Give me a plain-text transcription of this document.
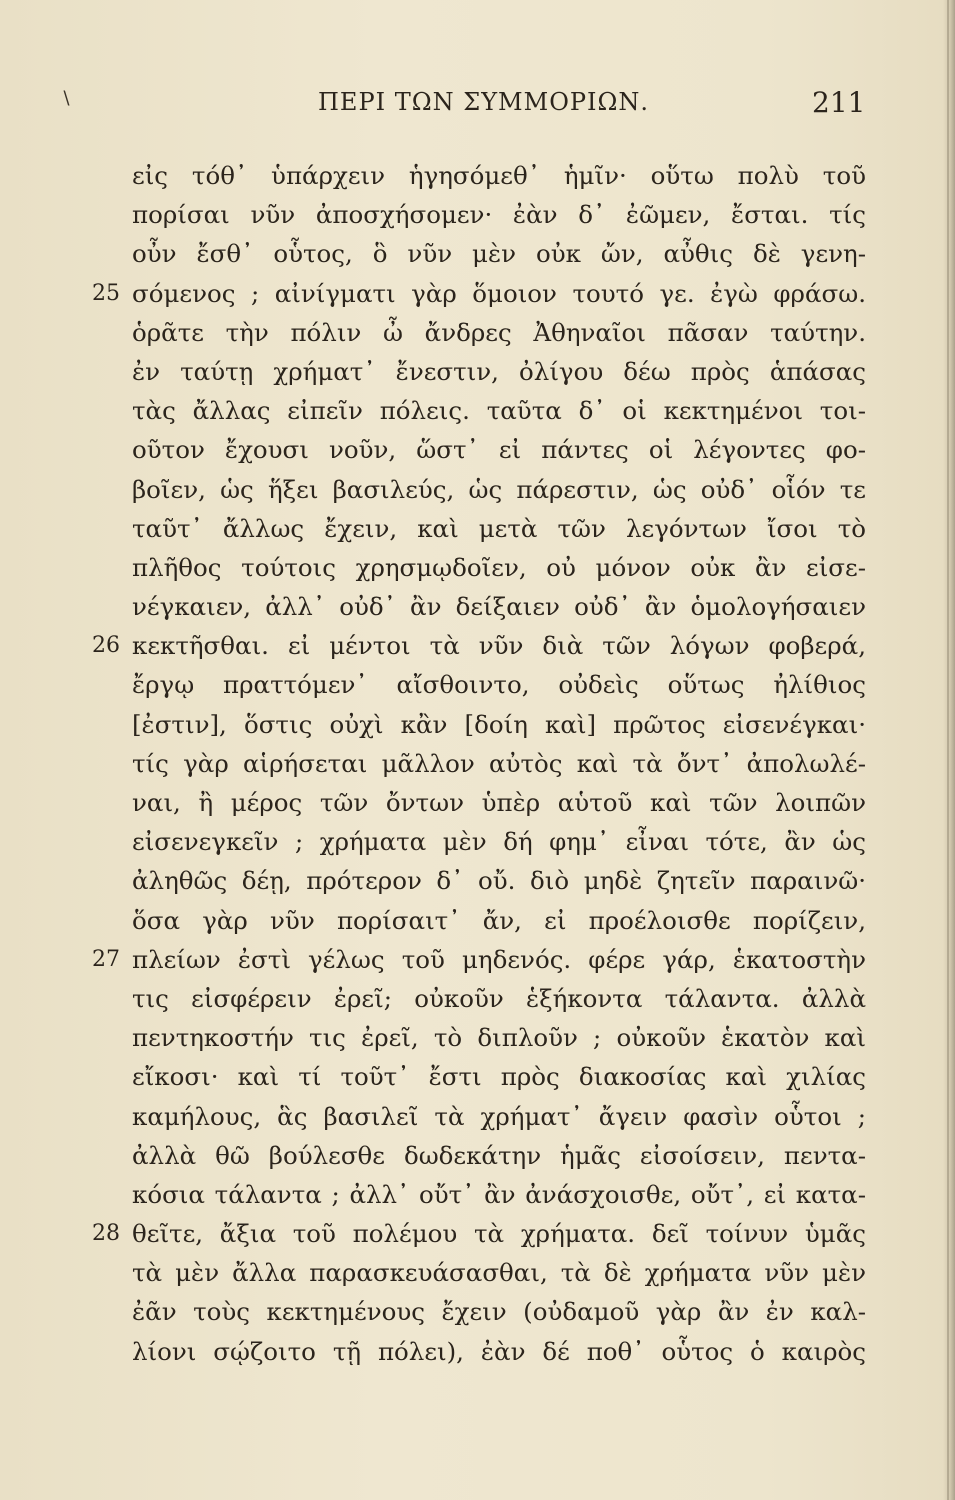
∖	ΠΕΡΙ ΤΩΝ ΣΥΜΜΟΡΙΩΝ.	211
εἰς τόθ᾽ ὑπάρχειν ἡγησόμεθ᾽ ἡμῖν· οὕτω πολὺ τοῦ
πορίσαι νῦν ἀποσχήσομεν· ἐὰν δ᾽ ἐῶμεν, ἔσται. τίς
οὖν ἔσθ᾽ οὗτος, ὃ νῦν μὲν οὐκ ὤν, αὖθις δὲ γενη-
25 σόμενος ; αἰνίγματι γὰρ ὅμοιον τουτό γε. ἐγὼ φράσω.
ὁρᾶτε τὴν πόλιν ὦ ἄνδρες Ἀθηναῖοι πᾶσαν ταύτην.
ἐν ταύτῃ χρήματ᾽ ἔνεστιν, ὀλίγου δέω πρὸς ἁπάσας
τὰς ἄλλας εἰπεῖν πόλεις. ταῦτα δ᾽ οἱ κεκτημένοι τοι-
οῦτον ἔχουσι νοῦν, ὥστ᾽ εἰ πάντες οἱ λέγοντες φο-
βοῖεν, ὡς ἥξει βασιλεύς, ὡς πάρεστιν, ὡς οὐδ᾽ οἷόν τε
ταῦτ᾽ ἄλλως ἔχειν, καὶ μετὰ τῶν λεγόντων ἴσοι τὸ
πλῆθος τούτοις χρησμῳδοῖεν, οὐ μόνον οὐκ ἂν εἰσε-
νέγκαιεν, ἀλλ᾽ οὐδ᾽ ἂν δείξαιεν οὐδ᾽ ἂν ὁμολογήσαιεν
26 κεκτῆσθαι. εἰ μέντοι τὰ νῦν διὰ τῶν λόγων φοβερά,
ἔργῳ πραττόμεν᾽ αἴσθοιντο, οὐδεὶς οὕτως ἠλίθιος
[ἐστιν], ὅστις οὐχὶ κἂν [δοίη καὶ] πρῶτος εἰσενέγκαι·
τίς γὰρ αἱρήσεται μᾶλλον αὐτὸς καὶ τὰ ὄντ᾽ ἀπολωλέ-
ναι, ἢ μέρος τῶν ὄντων ὑπὲρ αὑτοῦ καὶ τῶν λοιπῶν
εἰσενεγκεῖν ; χρήματα μὲν δή φημ᾽ εἶναι τότε, ἂν ὡς
ἀληθῶς δέῃ, πρότερον δ᾽ οὔ. διὸ μηδὲ ζητεῖν παραινῶ·
ὅσα γὰρ νῦν πορίσαιτ᾽ ἄν, εἰ προέλοισθε πορίζειν,
27 πλείων ἐστὶ γέλως τοῦ μηδενός. φέρε γάρ, ἑκατοστὴν
τις εἰσφέρειν ἐρεῖ; οὐκοῦν ἑξήκοντα τάλαντα. ἀλλὰ
πεντηκοστήν τις ἐρεῖ, τὸ διπλοῦν ; οὐκοῦν ἑκατὸν καὶ
εἴκοσι· καὶ τί τοῦτ᾽ ἔστι πρὸς διακοσίας καὶ χιλίας
καμήλους, ἃς βασιλεῖ τὰ χρήματ᾽ ἄγειν φασὶν οὗτοι ;
ἀλλὰ θῶ βούλεσθε δωδεκάτην ἡμᾶς εἰσοίσειν, πεντα-
κόσια τάλαντα ; ἀλλ᾽ οὔτ᾽ ἂν ἀνάσχοισθε, οὔτ᾽, εἰ κατα-
28 θεῖτε, ἄξια τοῦ πολέμου τὰ χρήματα. δεῖ τοίνυν ὑμᾶς
τὰ μὲν ἄλλα παρασκευάσασθαι, τὰ δὲ χρήματα νῦν μὲν
ἐᾶν τοὺς κεκτημένους ἔχειν (οὐδαμοῦ γὰρ ἂν ἐν καλ-
λίονι σῴζοιτο τῇ πόλει), ἐὰν δέ ποθ᾽ οὗτος ὁ καιρὸς
